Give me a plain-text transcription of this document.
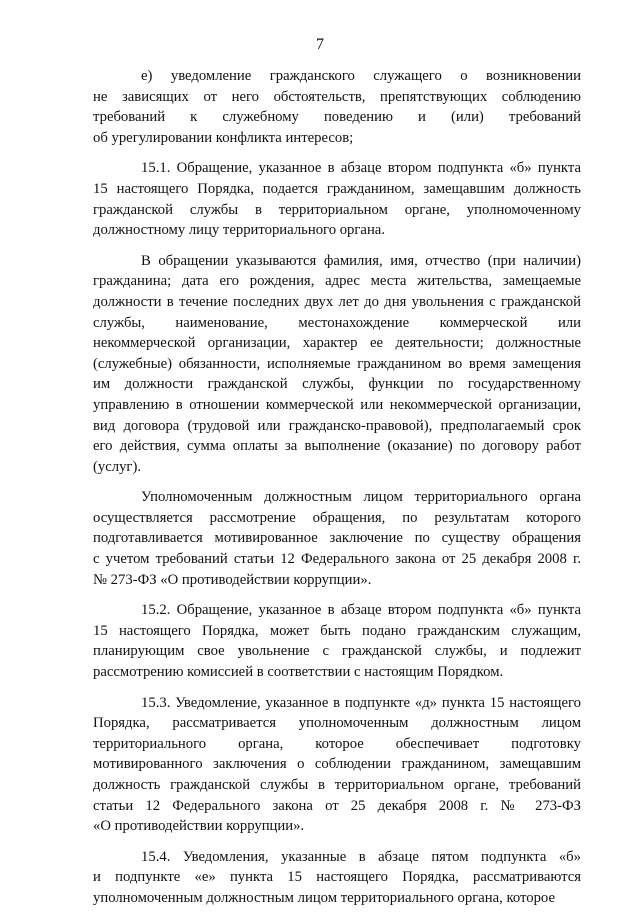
7

е) уведомление гражданского служащего о возникновении
не зависящих от него обстоятельств, препятствующих соблюдению
требований к служебному поведению и (или) требований
об урегулировании конфликта интересов;

15.1. Обращение, указанное в абзаце втором подпункта «б» пункта
15 настоящего Порядка, подается гражданином, замещавшим должность
гражданской службы в территориальном органе, уполномоченному
должностному лицу территориального органа.

В обращении указываются фамилия, имя, отчество (при наличии)
гражданина; дата его рождения, адрес места жительства, замещаемые
должности в течение последних двух лет до дня увольнения с гражданской
службы, наименование, местонахождение коммерческой или
некоммерческой организации, характер ее деятельности; должностные
(служебные) обязанности, исполняемые гражданином во время замещения
им должности гражданской службы, функции по государственному
управлению в отношении коммерческой или некоммерческой организации,
вид договора (трудовой или гражданско-правовой), предполагаемый срок
его действия, сумма оплаты за выполнение (оказание) по договору работ
(услуг).

Уполномоченным должностным лицом территориального органа
осуществляется рассмотрение обращения, по результатам которого
подготавливается мотивированное заключение по существу обращения
с учетом требований статьи 12 Федерального закона от 25 декабря 2008 г.
№ 273-ФЗ «О противодействии коррупции».

15.2. Обращение, указанное в абзаце втором подпункта «б» пункта
15 настоящего Порядка, может быть подано гражданским служащим,
планирующим свое увольнение с гражданской службы, и подлежит
рассмотрению комиссией в соответствии с настоящим Порядком.

15.3. Уведомление, указанное в подпункте «д» пункта 15 настоящего
Порядка, рассматривается уполномоченным должностным лицом
территориального органа, которое обеспечивает подготовку
мотивированного заключения о соблюдении гражданином, замещавшим
должность гражданской службы в территориальном органе, требований
статьи 12 Федерального закона от 25 декабря 2008 г. № 273-ФЗ
«О противодействии коррупции».

15.4. Уведомления, указанные в абзаце пятом подпункта «б»
и подпункте «е» пункта 15 настоящего Порядка, рассматриваются
уполномоченным должностным лицом территориального органа, которое
